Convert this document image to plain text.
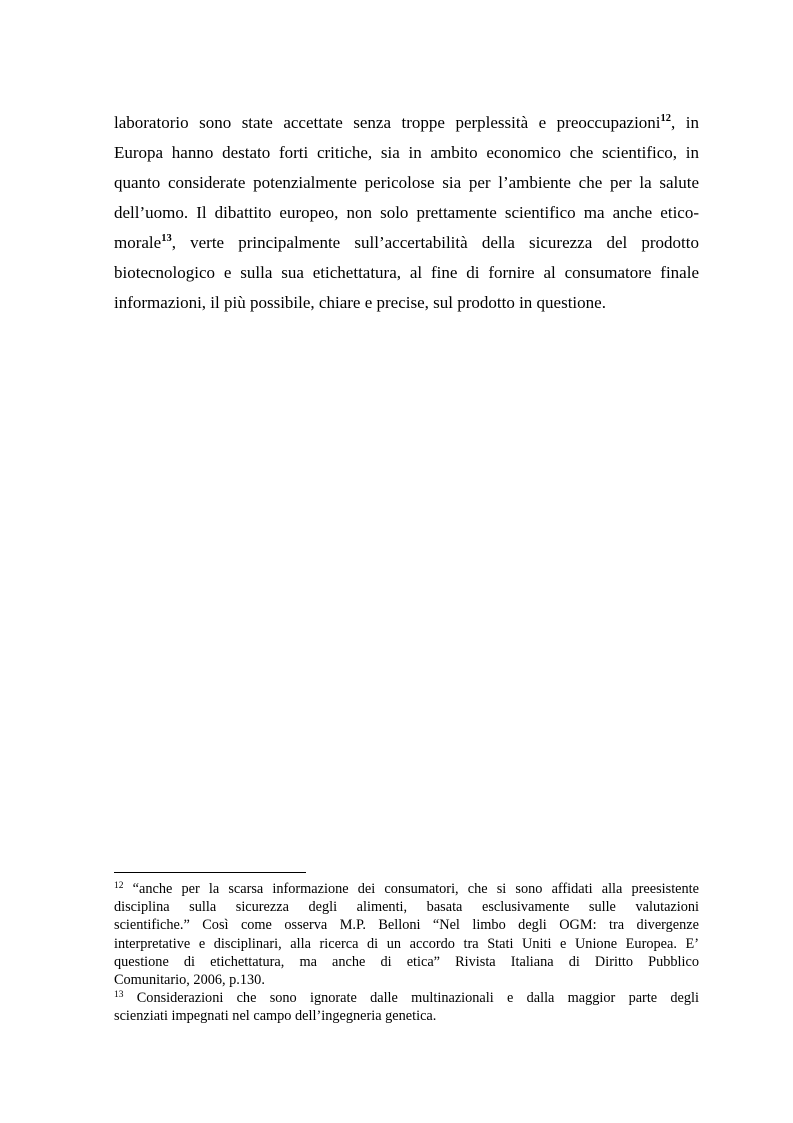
laboratorio sono state accettate senza troppe perplessità e preoccupazioni$^{12}$, in
Europa hanno destato forti critiche, sia in ambito economico che scientifico, in
quanto considerate potenzialmente pericolose sia per l’ambiente che per la salute
dell’uomo. Il dibattito europeo, non solo prettamente scientifico ma anche etico-
morale$^{13}$, verte principalmente sull’accertabilità della sicurezza del prodotto
biotecnologico e sulla sua etichettatura, al fine di fornire al consumatore finale
informazioni, il più possibile, chiare e precise, sul prodotto in questione.
$^{12}$ “anche per la scarsa informazione dei consumatori, che si sono affidati alla preesistente
disciplina sulla sicurezza degli alimenti, basata esclusivamente sulle valutazioni
scientifiche.” Così come osserva M.P. Belloni “Nel limbo degli OGM: tra divergenze
interpretative e disciplinari, alla ricerca di un accordo tra Stati Uniti e Unione Europea. E’
questione di etichettatura, ma anche di etica” Rivista Italiana di Diritto Pubblico
Comunitario, 2006, p.130.
$^{13}$ Considerazioni che sono ignorate dalle multinazionali e dalla maggior parte degli
scienziati impegnati nel campo dell’ingegneria genetica.
